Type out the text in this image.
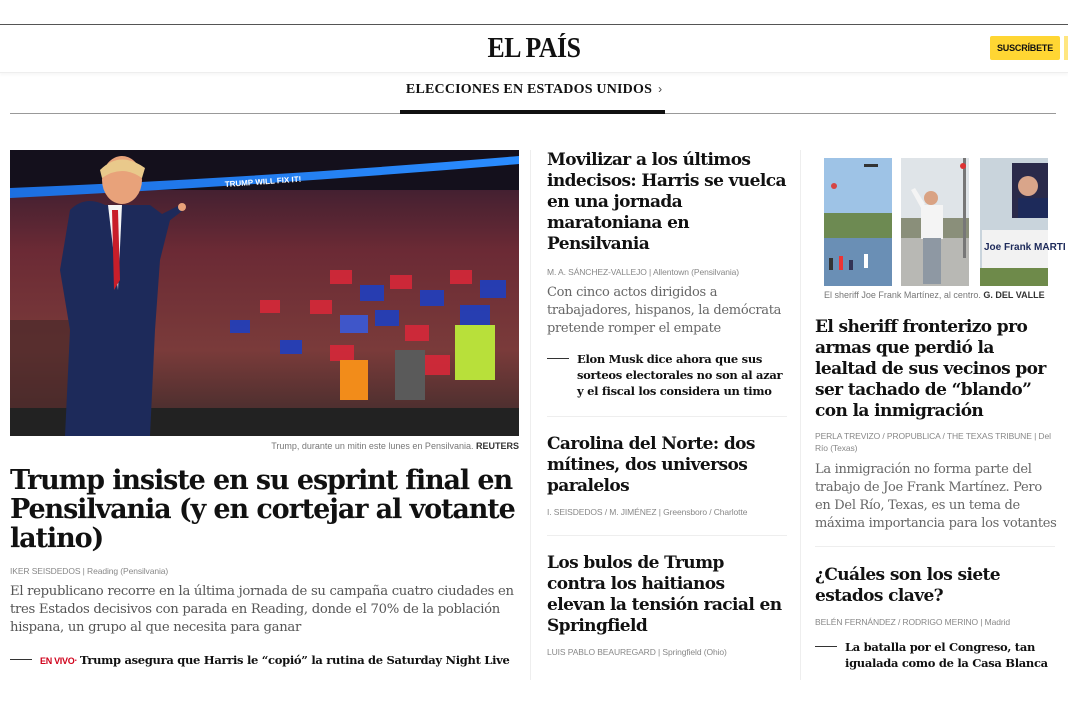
EL PAÍS	SUSCRÍBETE
ELECCIONES EN ESTADOS UNIDOS ›
TRUMP WILL FIX IT!
Trump, durante un mitin este lunes en Pensilvania. REUTERS
Trump insiste en su esprint final en Pensilvania (y en cortejar al votante latino)
IKER SEISDEDOS | Reading (Pensilvania)

El republicano recorre en la última jornada de su campaña cuatro ciudades en tres Estados decisivos con parada en Reading, donde el 70% de la población hispana, un grupo al que necesita para ganar

EN VIVO· Trump asegura que Harris le “copió” la rutina de Saturday Night Live
Movilizar a los últimos indecisos: Harris se vuelca en una jornada maratoniana en Pensilvania
M. A. SÁNCHEZ-VALLEJO | Allentown (Pensilvania)

Con cinco actos dirigidos a trabajadores, hispanos, la demócrata pretende romper el empate

Elon Musk dice ahora que sus sorteos electorales no son al azar y el fiscal los considera un timo
Carolina del Norte: dos mítines, dos universos paralelos
I. SEISDEDOS / M. JIMÉNEZ | Greensboro / Charlotte
Los bulos de Trump contra los haitianos elevan la tensión racial en Springfield
LUIS PABLO BEAUREGARD | Springfield (Ohio)
Joe Frank MARTI
El sheriff Joe Frank Martínez, al centro. G. DEL VALLE
El sheriff fronterizo pro armas que perdió la lealtad de sus vecinos por ser tachado de “blando” con la inmigración
PERLA TREVIZO / PROPUBLICA / THE TEXAS TRIBUNE | Del Río (Texas)

La inmigración no forma parte del trabajo de Joe Frank Martínez. Pero en Del Río, Texas, es un tema de máxima importancia para los votantes

¿Cuáles son los siete estados clave?
BELÉN FERNÁNDEZ / RODRIGO MERINO | Madrid
La batalla por el Congreso, tan igualada como de la Casa Blanca
